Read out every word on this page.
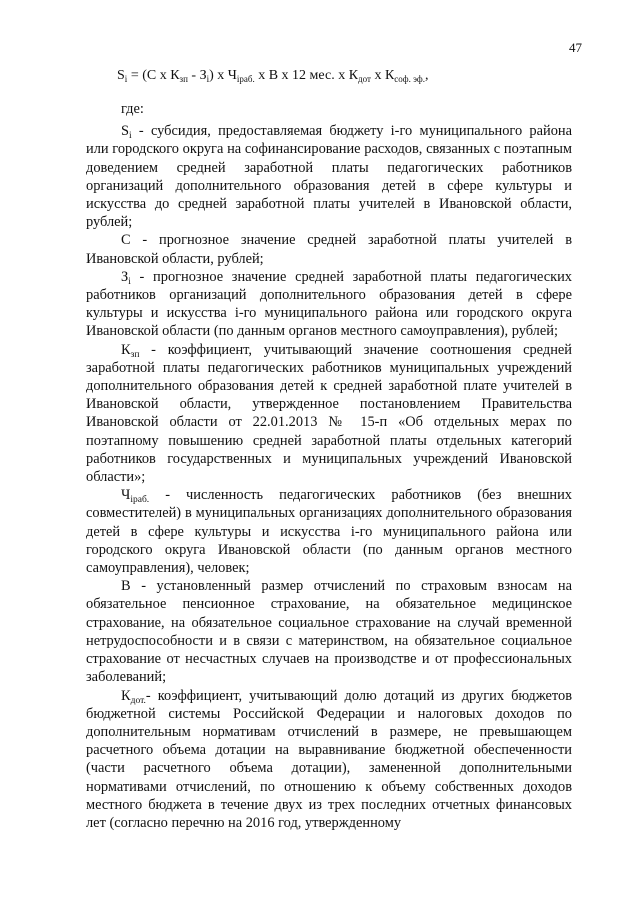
47
$S_i = (С$ х $К_{зп} - З_i$) х $Ч_{iраб.}$ х В х 12 мес. х $К_{дот}$ х $К_{соф. эф.}$,

где:

$S_i$ - субсидия, предоставляемая бюджету i-го муниципального района или городского округа на софинансирование расходов, связанных с поэтапным доведением средней заработной платы педагогических работников организаций дополнительного образования детей в сфере культуры и искусства до средней заработной платы учителей в Ивановской области, рублей;

С - прогнозное значение средней заработной платы учителей в Ивановской области, рублей;

$З_i$ - прогнозное значение средней заработной платы педагогических работников организаций дополнительного образования детей в сфере культуры и искусства i-го муниципального района или городского округа Ивановской области (по данным органов местного самоуправления), рублей;

$К_{зп}$ - коэффициент, учитывающий значение соотношения средней заработной платы педагогических работников муниципальных учреждений дополнительного образования детей к средней заработной плате учителей в Ивановской области, утвержденное постановлением Правительства Ивановской области от 22.01.2013 № 15-п «Об отдельных мерах по поэтапному повышению средней заработной платы отдельных категорий работников государственных и муниципальных учреждений Ивановской области»;

$Ч_{iраб.}$ - численность педагогических работников (без внешних совместителей) в муниципальных организациях дополнительного образования детей в сфере культуры и искусства i-го муниципального района или городского округа Ивановской области (по данным органов местного самоуправления), человек;

В - установленный размер отчислений по страховым взносам на обязательное пенсионное страхование, на обязательное медицинское страхование, на обязательное социальное страхование на случай временной нетрудоспособности и в связи с материнством, на обязательное социальное страхование от несчастных случаев на производстве и от профессиональных заболеваний;

$К_{дот.}-$ коэффициент, учитывающий долю дотаций из других бюджетов бюджетной системы Российской Федерации и налоговых доходов по дополнительным нормативам отчислений в размере, не превышающем расчетного объема дотации на выравнивание бюджетной обеспеченности (части расчетного объема дотации), замененной дополнительными нормативами отчислений, по отношению к объему собственных доходов местного бюджета в течение двух из трех последних отчетных финансовых лет (согласно перечню на 2016 год, утвержденному
